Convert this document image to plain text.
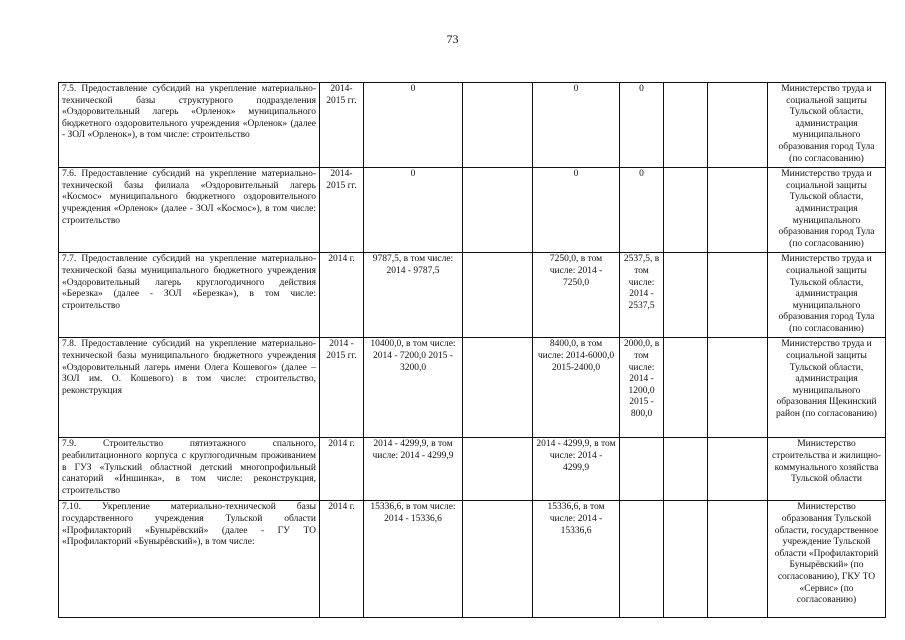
73
7.5. Предоставление субсидий на укрепление материально-технической базы структурного подразделения «Оздоровительный лагерь «Орленок» муниципального бюджетного оздоровительного учреждения «Орленок» (далее - ЗОЛ «Орленок»), в том числе: строительство	2014-2015 гг.	0		0	0			Министерство труда и социальной защиты Тульской области, администрация муниципального образования город Тула (по согласованию)
7.6. Предоставление субсидий на укрепление материально-технической базы филиала «Оздоровительный лагерь «Космос» муниципального бюджетного оздоровительного учреждения «Орленок» (далее - ЗОЛ «Космос»), в том числе: строительство	2014-2015 гг.	0		0	0			Министерство труда и социальной защиты Тульской области, администрация муниципального образования город Тула (по согласованию)
7.7. Предоставление субсидий на укрепление материально-технической базы муниципального бюджетного учреждения «Оздоровительный лагерь круглогодичного действия «Березка» (далее - ЗОЛ «Березка»), в том числе: строительство	2014 г.	9787,5, в том числе: 2014 - 9787,5		7250,0, в том числе: 2014 - 7250,0	2537,5, в том числе: 2014 - 2537,5			Министерство труда и социальной защиты Тульской области, администрация муниципального образования город Тула (по согласованию)
7.8. Предоставление субсидий на укрепление материально-технической базы муниципального бюджетного учреждения «Оздоровительный лагерь имени Олега Кошевого» (далее – ЗОЛ им. О. Кошевого) в том числе: строительство, реконструкция	2014 - 2015 гг.	10400,0, в том числе: 2014 - 7200,0 2015 - 3200,0		8400,0, в том числе: 2014-6000,0 2015-2400,0	2000,0, в том числе: 2014 - 1200,0 2015 - 800,0			Министерство труда и социальной защиты Тульской области, администрация муниципального образования Щекинский район (по согласованию)
7.9. Строительство пятиэтажного спального, реабилитационного корпуса с круглогодичным проживанием в ГУЗ «Тульский областной детский многопрофильный санаторий «Иншинка», в том числе: реконструкция, строительство	2014 г.	2014 - 4299,9, в том числе: 2014 - 4299,9		2014 - 4299,9, в том числе: 2014 - 4299,9				Министерство строительства и жилищно-коммунального хозяйства Тульской области
7.10. Укрепление материально-технической базы государственного учреждения Тульской области «Профилакторий «Бунырёвский» (далее - ГУ ТО «Профилакторий «Бунырёвский»), в том числе:	2014 г.	15336,6, в том числе: 2014 - 15336,6		15336,6, в том числе: 2014 - 15336,6				Министерство образования Тульской области, государственное учреждение Тульской области «Профилакторий Бунырёвский» (по согласованию), ГКУ ТО «Сервис» (по согласованию)
